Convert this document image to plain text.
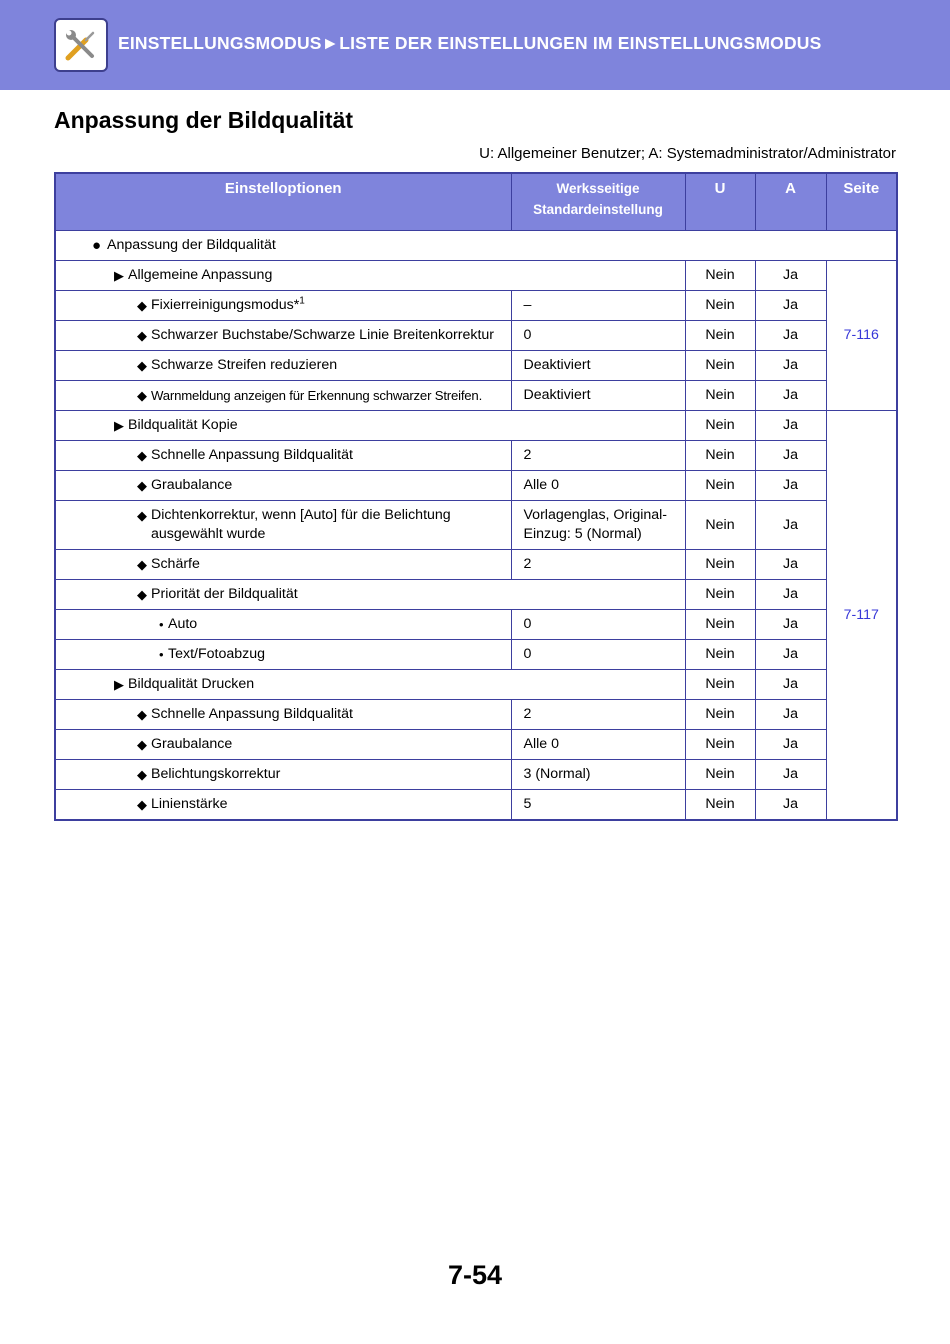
EINSTELLUNGSMODUS►LISTE DER EINSTELLUNGEN IM EINSTELLUNGSMODUS
Anpassung der Bildqualität
U: Allgemeiner Benutzer; A: Systemadministrator/Administrator
Einstelloptionen	Werksseitige
Standardeinstellung	U	A	Seite

● Anpassung der Bildqualität				

▶ Allgemeine Anpassung		Nein	Ja	7-116

◆ Fixierreinigungsmodus*$^1$	–	Nein	Ja	

◆ Schwarzer Buchstabe/Schwarze Linie Breitenkorrektur	0	Nein	Ja	

◆ Schwarze Streifen reduzieren	Deaktiviert	Nein	Ja	

◆ Warnmeldung anzeigen für Erkennung schwarzer Streifen.	Deaktiviert	Nein	Ja	

▶ Bildqualität Kopie		Nein	Ja	7-117

◆ Schnelle Anpassung Bildqualität	2	Nein	Ja	

◆ Graubalance	Alle 0	Nein	Ja	

◆ Dichtenkorrektur, wenn [Auto] für die Belichtung
ausgewählt wurde	Vorlagenglas, Original-
Einzug: 5 (Normal)	Nein	Ja	

◆ Schärfe	2	Nein	Ja	

◆ Priorität der Bildqualität		Nein	Ja	

• Auto	0	Nein	Ja	

• Text/Fotoabzug	0	Nein	Ja	

▶ Bildqualität Drucken		Nein	Ja	

◆ Schnelle Anpassung Bildqualität	2	Nein	Ja	

◆ Graubalance	Alle 0	Nein	Ja	

◆ Belichtungskorrektur	3 (Normal)	Nein	Ja	

◆ Linienstärke	5	Nein	Ja	
7-54
